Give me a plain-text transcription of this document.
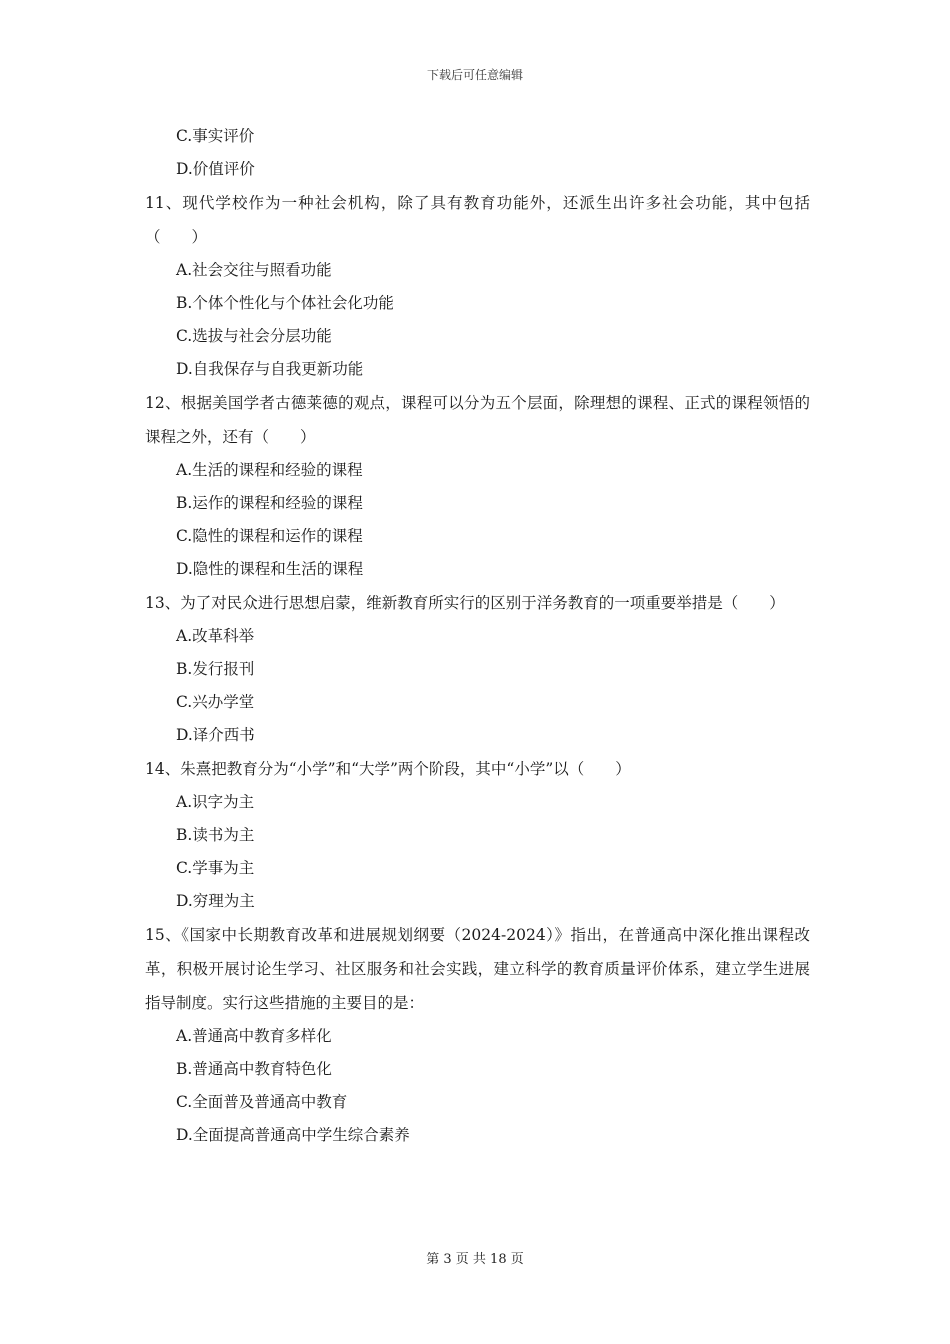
下载后可任意编辑
C.事实评价
D.价值评价
11、现代学校作为一种社会机构，除了具有教育功能外，还派生出许多社会功能，其中包括（　　）
A.社会交往与照看功能
B.个体个性化与个体社会化功能
C.选拔与社会分层功能
D.自我保存与自我更新功能
12、根据美国学者古德莱德的观点，课程可以分为五个层面，除理想的课程、正式的课程领悟的课程之外，还有（　　）
A.生活的课程和经验的课程
B.运作的课程和经验的课程
C.隐性的课程和运作的课程
D.隐性的课程和生活的课程
13、为了对民众进行思想启蒙，维新教育所实行的区别于洋务教育的一项重要举措是（　　）
A.改革科举
B.发行报刊
C.兴办学堂
D.译介西书
14、朱熹把教育分为“小学”和“大学”两个阶段，其中“小学”以（　　）
A.识字为主
B.读书为主
C.学事为主
D.穷理为主
15、《国家中长期教育改革和进展规划纲要（2024-2024）》指出，在普通高中深化推出课程改革，积极开展讨论生学习、社区服务和社会实践，建立科学的教育质量评价体系，建立学生进展指导制度。实行这些措施的主要目的是：
A.普通高中教育多样化
B.普通高中教育特色化
C.全面普及普通高中教育
D.全面提高普通高中学生综合素养
第 3 页 共 18 页
